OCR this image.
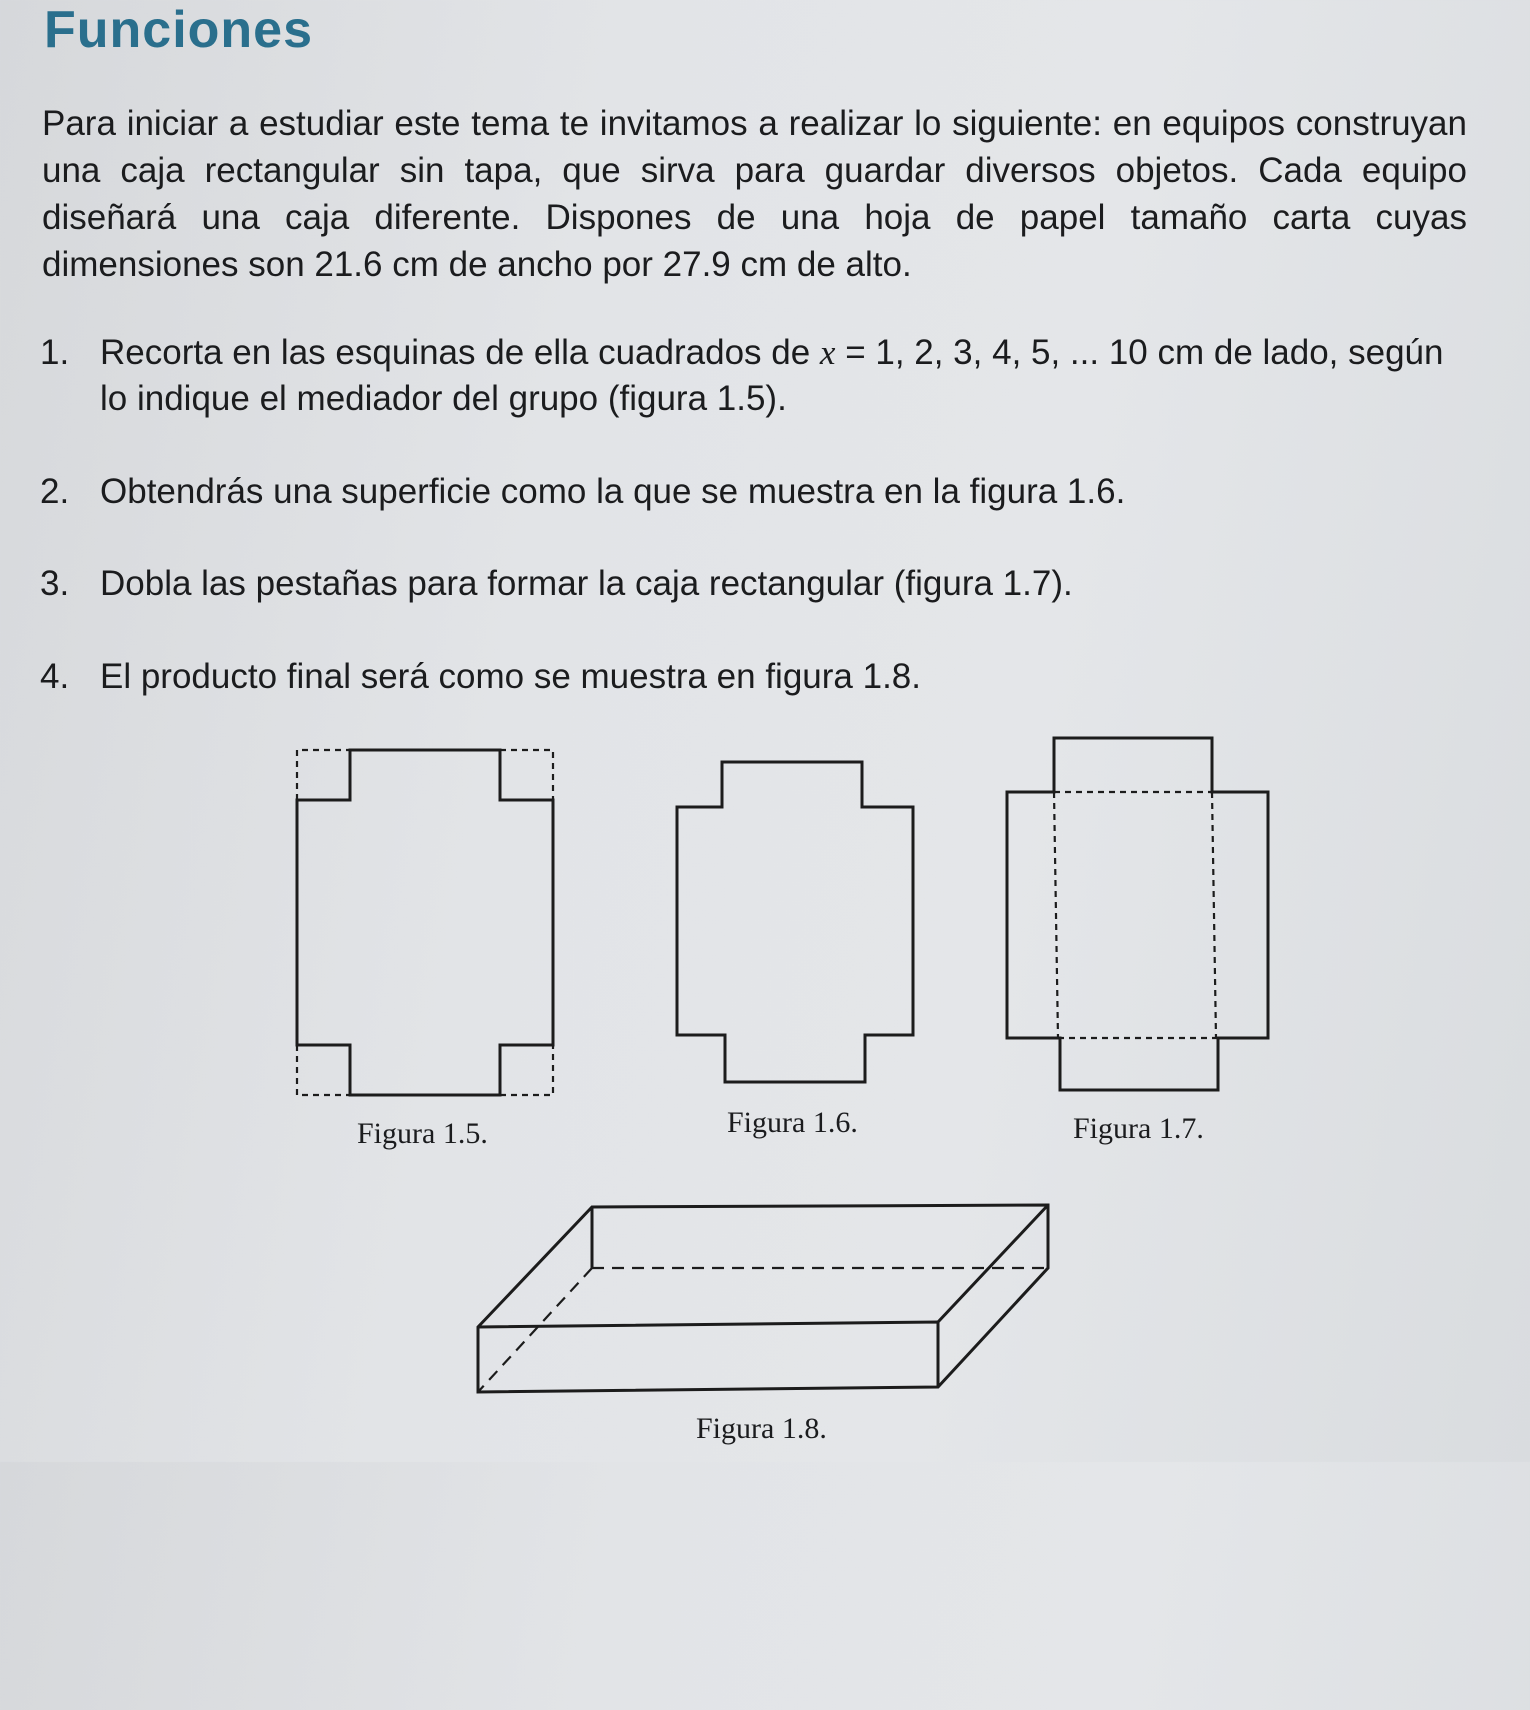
Funciones
Para iniciar a estudiar este tema te invitamos a realizar lo siguiente: en equipos construyan una caja rectangular sin tapa, que sirva para guardar diversos objetos. Cada equipo diseñará una caja diferente. Dispones de una hoja de papel tamaño carta cuyas dimensiones son 21.6 cm de ancho por 27.9 cm de alto.
1. Recorta en las esquinas de ella cuadrados de x = 1, 2, 3, 4, 5, ... 10 cm de lado, según lo indique el mediador del grupo (figura 1.5).
2. Obtendrás una superficie como la que se muestra en la figura 1.6.
3. Dobla las pestañas para formar la caja rectangular (figura 1.7).
4. El producto final será como se muestra en figura 1.8.
Figura 1.5.	Figura 1.6.	Figura 1.7.
Figura 1.8.
